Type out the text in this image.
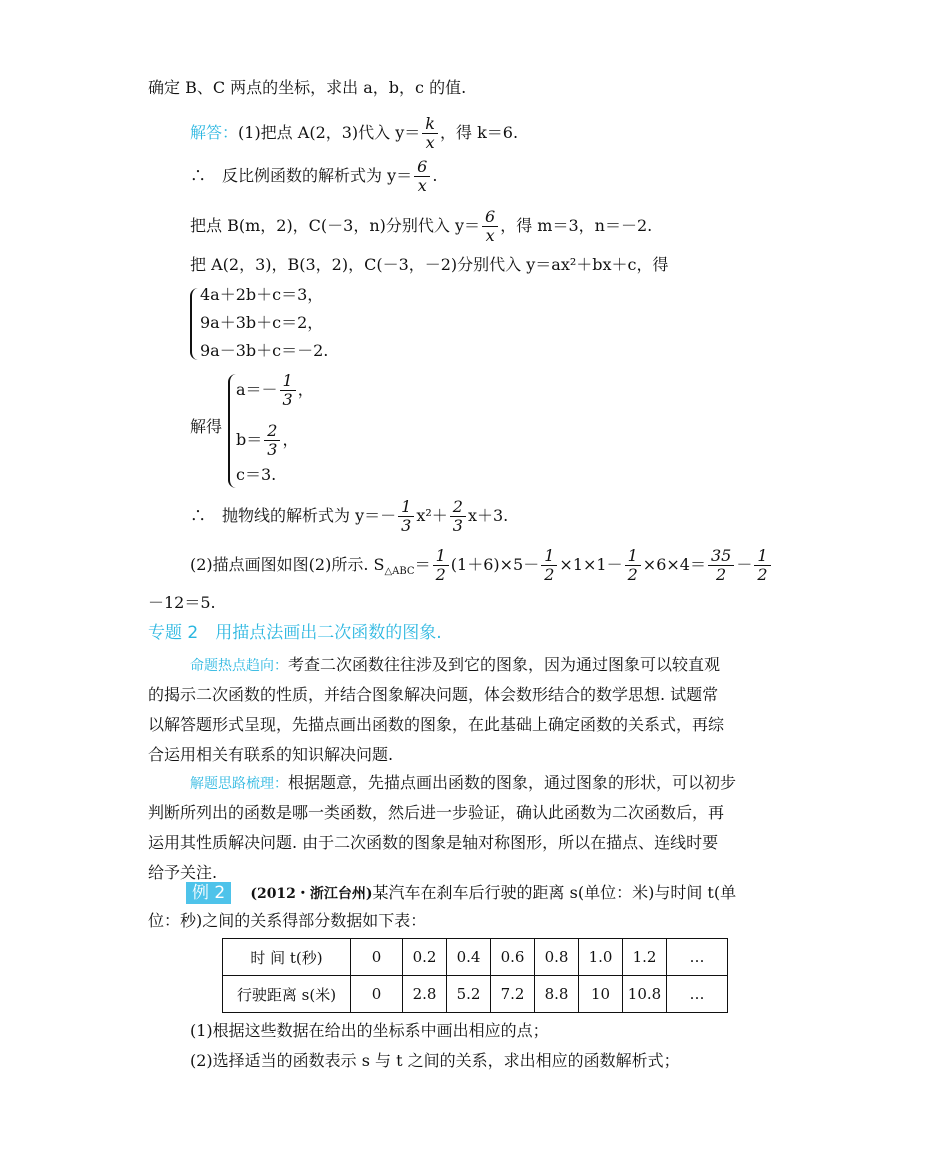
确定 B、C 两点的坐标，求出 a，b，c 的值.
解答：(1)把点 A(2，3)代入 $y= \frac{k}{x}$ ，得 k＝6.
∴　反比例函数的解析式为 $y= \frac{6}{x}$ .
把点 B(m，2)，C(－3，n)分别代入 $y= \frac{6}{x}$ ，得 m＝3，n＝－2.
把 A(2，3)，B(3，2)，C(－3，－2)分别代入 y＝ax²＋bx＋c，得
4a＋2b＋c＝3，
9a＋3b＋c＝2，
9a－3b＋c＝－2.
解得
$a=- \frac{1}{3}$ ，
$b= \frac{2}{3}$ ，
c＝3.
∴　抛物线的解析式为 $y=- \frac{1}{3} x^2+ \frac{2}{3} x+3$.
(2)描点画图如图(2)所示. $S_{\triangle ABC}= \frac{1}{2} (1+6)\times 5- \frac{1}{2} \times 1\times 1- \frac{1}{2} \times 6\times 4= \frac{35}{2} - \frac{1}{2}$
－12＝5.
专题 2　用描点法画出二次函数的图象.
命题热点趋向：考查二次函数往往涉及到它的图象，因为通过图象可以较直观
的揭示二次函数的性质，并结合图象解决问题，体会数形结合的数学思想. 试题常
以解答题形式呈现，先描点画出函数的图象，在此基础上确定函数的关系式，再综
合运用相关有联系的知识解决问题.
解题思路梳理：根据题意，先描点画出函数的图象，通过图象的形状，可以初步
判断所列出的函数是哪一类函数，然后进一步验证，确认此函数为二次函数后，再
运用其性质解决问题. 由于二次函数的图象是轴对称图形，所以在描点、连线时要
给予关注.
例 2 (2012・浙江台州)某汽车在刹车后行驶的距离 s(单位：米)与时间 t(单
位：秒)之间的关系得部分数据如下表：
时 间 t(秒)	0	0.2	0.4	0.6	0.8	1.0	1.2	…
行驶距离 s(米)	0	2.8	5.2	7.2	8.8	10	10.8	…
(1)根据这些数据在给出的坐标系中画出相应的点；
(2)选择适当的函数表示 s 与 t 之间的关系，求出相应的函数解析式；
